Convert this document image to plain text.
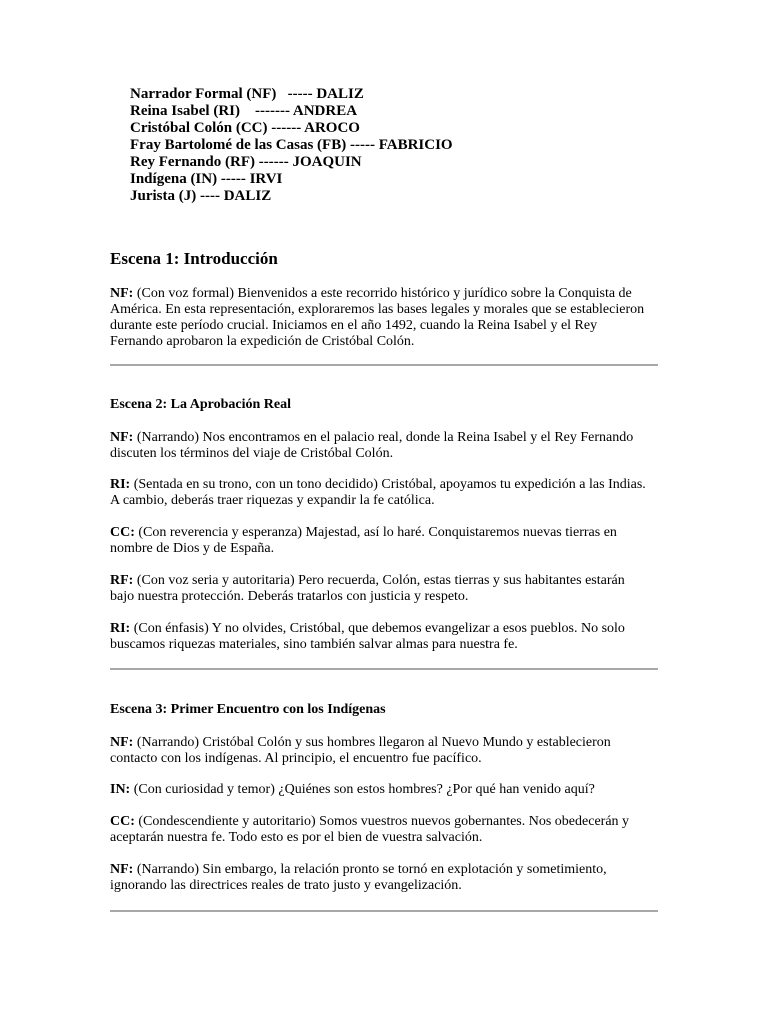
Narrador Formal (NF)   ----- DALIZ
Reina Isabel (RI)    ------- ANDREA
Cristóbal Colón (CC) ------ AROCO
Fray Bartolomé de las Casas (FB) ----- FABRICIO
Rey Fernando (RF) ------ JOAQUIN
Indígena (IN) ----- IRVI
Jurista (J) ---- DALIZ
Escena 1: Introducción

NF: (Con voz formal) Bienvenidos a este recorrido histórico y jurídico sobre la Conquista de América. En esta representación, exploraremos las bases legales y morales que se establecieron durante este período crucial. Iniciamos en el año 1492, cuando la Reina Isabel y el Rey Fernando aprobaron la expedición de Cristóbal Colón.

Escena 2: La Aprobación Real

NF: (Narrando) Nos encontramos en el palacio real, donde la Reina Isabel y el Rey Fernando discuten los términos del viaje de Cristóbal Colón.

RI: (Sentada en su trono, con un tono decidido) Cristóbal, apoyamos tu expedición a las Indias. A cambio, deberás traer riquezas y expandir la fe católica.

CC: (Con reverencia y esperanza) Majestad, así lo haré. Conquistaremos nuevas tierras en nombre de Dios y de España.

RF: (Con voz seria y autoritaria) Pero recuerda, Colón, estas tierras y sus habitantes estarán bajo nuestra protección. Deberás tratarlos con justicia y respeto.

RI: (Con énfasis) Y no olvides, Cristóbal, que debemos evangelizar a esos pueblos. No solo buscamos riquezas materiales, sino también salvar almas para nuestra fe.

Escena 3: Primer Encuentro con los Indígenas

NF: (Narrando) Cristóbal Colón y sus hombres llegaron al Nuevo Mundo y establecieron contacto con los indígenas. Al principio, el encuentro fue pacífico.

IN: (Con curiosidad y temor) ¿Quiénes son estos hombres? ¿Por qué han venido aquí?

CC: (Condescendiente y autoritario) Somos vuestros nuevos gobernantes. Nos obedecerán y aceptarán nuestra fe. Todo esto es por el bien de vuestra salvación.

NF: (Narrando) Sin embargo, la relación pronto se tornó en explotación y sometimiento, ignorando las directrices reales de trato justo y evangelización.
